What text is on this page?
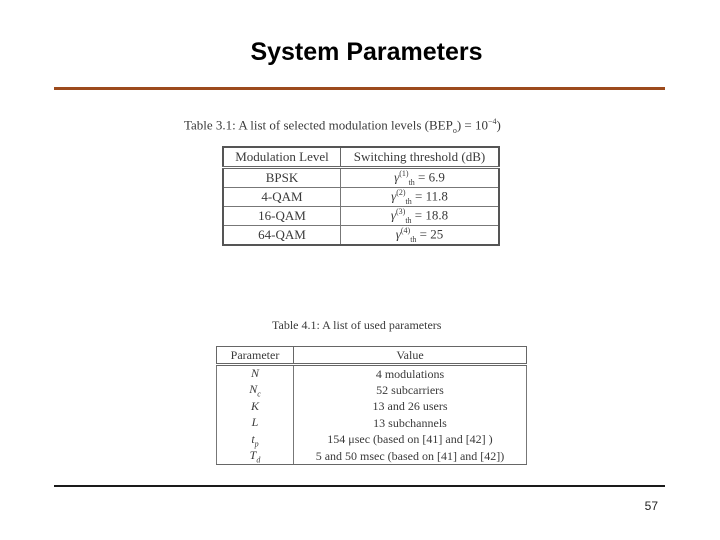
System Parameters
Table 3.1: A list of selected modulation levels $(BEP_o) = 10^{-4}$)
Modulation Level	Switching threshold (dB)
BPSK	$\gamma^{(1)}_{th} = 6.9$
4-QAM	$\gamma^{(2)}_{th} = 11.8$
16-QAM	$\gamma^{(3)}_{th} = 18.8$
64-QAM	$\gamma^{(4)}_{th} = 25$
Table 4.1: A list of used parameters
Parameter	Value
N	4 modulations
$N_c$	52 subcarriers
K	13 and 26 users
L	13 subchannels
$t_p$	154 μsec (based on [41] and [42] )
$T_d$	5 and 50 msec (based on [41] and [42])
57
